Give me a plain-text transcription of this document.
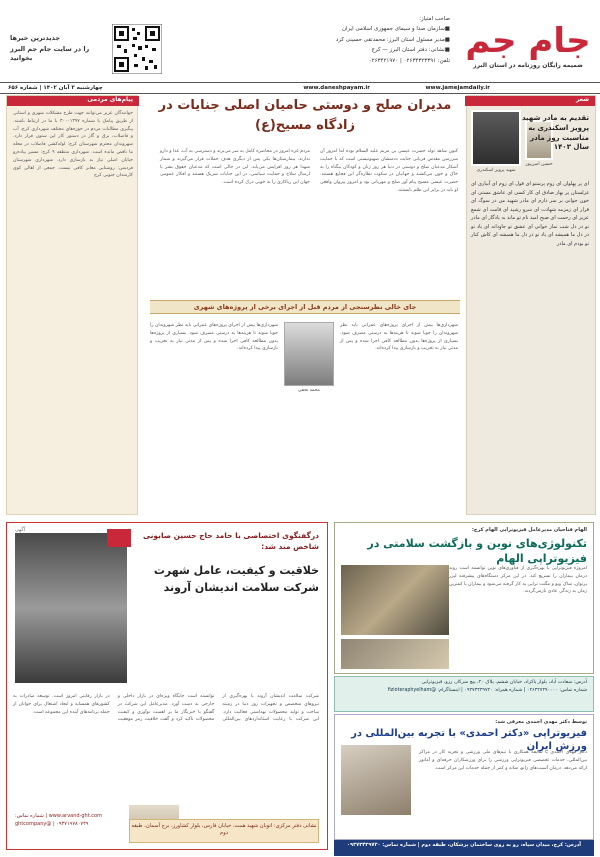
جام جم
ضمیمه رایگان روزنامه در استان البرز
صاحب امتیاز:
■سازمان صدا و سیمای جمهوری اسلامی ایران
■مدیر مسئول استان البرز: محمدتقی حسینی کرد
■نشانی: دفتر استان البرز — کرج
تلفن: ۰۲۶۳۴۳۲۳۳۹۱ | ۰۲۶۳۴۲۱۹۷۰
جدیدترین خبرها
را در سایت جام جم البرز بخوانید
www.jamejamdaily.ir
www.daneshpayam.ir
چهارشنبه ۳ آبان ۱۴۰۲ | شماره ۶۵۶
شعر
تقدیم به مادر شهید پرویز اسکندری به مناسبت روز مادر سال ۱۴۰۳
شهید پرویز اسکندری
حسین امین‌پور
ای پر پهلوان ای زوم پرستو ای قول ای زوم ای آبیاری ای غزلستان پر بهار صادق ای کار کسی ای عاشق مستی ای خون جوانی بر سر دارم ای مادر شهید من در سوگ ای قرار ای زمزمه شهادت ای سرو رشید ای قامت ای شمع عزیز ای رحمت ای صبح امید نام تو ماند به یادگار ای مادر تو در دل شب نماز خوانی ای عشق تو جاودانه ای یاد تو در دل ما همیشه ای یاد تو در دل ما همیشه ای کاش کنار تو بودم ای مادر
پیام‌های مردمی
خوانندگان عزیز می‌توانند جهت طرح مشکلات شهری و استانی از طریق پیامک با شماره ۳۰۰۰۱۳۹۷ با ما در ارتباط باشند. پیگیری مطالبات مردم در حوزه‌های مختلف شهرداری کرج، آب و فاضلاب، برق و گاز در دستور کار این ستون قرار دارد. شهروندان محترم شهرستان کرج: لوله‌کشی فاضلاب در محله ما ناقص مانده است. شهرداری منطقه ۹ کرج: مسیر پیاده‌رو خیابان اصلی نیاز به بازسازی دارد. شهرداری شهرستان فردیس: روشنایی معابر کافی نیست. جمعی از اهالی کوی کارمندان جنوبی کرج
مدیران صلح و دوستی حامیان اصلی جنایات در زادگاه مسیح(ع)
کنون شاهد تولد حضرت عیسی بن مریم علیه السلام بوده اما امروز آن سرزمین مقدس قربانی جنایت ددمنشان صهیونیستی است که با حمایت آشکار مدعیان صلح و دوستی در دنیا هر روز زنان و کودکان بیگناه را به خاک و خون می‌کشند و جهانیان در سکوت نظاره‌گر این فجایع هستند. حضرت عیسی مسیح پیام آور صلح و مهربانی بود و امروز پیروان واقعی او باید در برابر این ظلم بایستند.
مردم غزه امروز در محاصره کامل به سر می‌برند و دسترسی به آب، غذا و دارو ندارند. بیمارستان‌ها یکی پس از دیگری هدف حملات قرار می‌گیرند و شمار شهدا هر روز افزایش می‌یابد. این در حالی است که مدعیان حقوق بشر با ارسال سلاح و حمایت سیاسی، در این جنایات شریک هستند و افکار عمومی جهان این ریاکاری را به خوبی درک کرده است.
جای خالی نظرسنجی از مردم قبل از اجرای برخی از پروژه‌های شهری
شهرداری‌ها پیش از اجرای پروژه‌های عمرانی باید نظر شهروندان را جویا شوند تا هزینه‌ها به درستی مصرف شود. بسیاری از پروژه‌ها بدون مطالعه کافی اجرا شده و پس از مدتی نیاز به تخریب و بازسازی پیدا کرده‌اند.
شهرداری‌ها پیش از اجرای پروژه‌های عمرانی باید نظر شهروندان را جویا شوند تا هزینه‌ها به درستی مصرف شود. بسیاری از پروژه‌ها بدون مطالعه کافی اجرا شده و پس از مدتی نیاز به تخریب و بازسازی پیدا کرده‌اند.
محمد نجفی
الهام فتاحیان مدیرعامل فیزیوتراپی الهام کرج:
تکنولوژی‌های نوین و بازگشت سلامتی در فیزیوتراپی الهام
امروزه فیزیوتراپی با بهره‌گیری از فناوری‌های نوین توانسته است روند درمان بیماران را تسریع کند. در این مرکز دستگاه‌های پیشرفته لیزر پرتوان، شاک ویو و مگنت تراپی به کار گرفته می‌شود و بیماران با کمترین زمان به زندگی عادی بازمی‌گردند.
آدرس: سعادت آباد، بلوار پاکزاد، خیابان ششم، پلاک ۲۰، پیچ سرکار، رزو، فیزیوتراپی
شماره تماس: ۰۲۶۳۲۷۳۹۰۰۰۰ | شماره همراه: ۰۹۳۷۳۴۳۹۷۲۰ | اینستاگرام: @fizioteraphyelham
توسط دکتر مهدی احمدی معرفی شد:
فیزیوتراپی «دکتر احمدی» با تجربه بین‌المللی در ورزش ایران
دکتر مهدی احمدی با سابقه همکاری با تیم‌های ملی ورزشی و تجربه کار در مراکز بین‌المللی، خدمات تخصصی فیزیوتراپی ورزشی را برای ورزشکاران حرفه‌ای و آماتور ارائه می‌دهد. درمان آسیب‌های زانو، شانه و کمر از جمله خدمات این مرکز است.
آدرس: کرج، میدان سپاه، رو به روی ساختمان پزشکان، طبقه دوم | شماره تماس: ۰۹۳۷۳۴۳۹۷۲۰
آگهی
درگفتگوی اختصاصی با حامد حاج حسین صابونی شاخص مند شد:
خلاقیت و کیفیت، عامل شهرت شرکت سلامت اندیشان آروند
شرکت سلامت اندیشان آروند با بهره‌گیری از نیروهای متخصص و تجهیزات روز دنیا در زمینه ساخت و تولید محصولات بهداشتی فعالیت دارد. این شرکت با رعایت استانداردهای بین‌المللی توانسته است جایگاه ویژه‌ای در بازار داخلی و خارجی به دست آورد. مدیرعامل این شرکت در گفتگو با خبرنگار ما بر اهمیت نوآوری و کیفیت محصولات تاکید کرد و گفت خلاقیت رمز موفقیت در بازار رقابتی امروز است. توسعه صادرات به کشورهای همسایه و ایجاد اشتغال برای جوانان از جمله برنامه‌های آینده این مجموعه است.
www.arvand-ght.com | شماره تماس: ۰۹۳۷۱۹۷۸۰۷۳۹ | @ghtcompany	نشانی دفتر مرکزی: اتوبان شهید همت، خیابان فارس، بلوار کشاورز، برج آسمان، طبقه دوم
